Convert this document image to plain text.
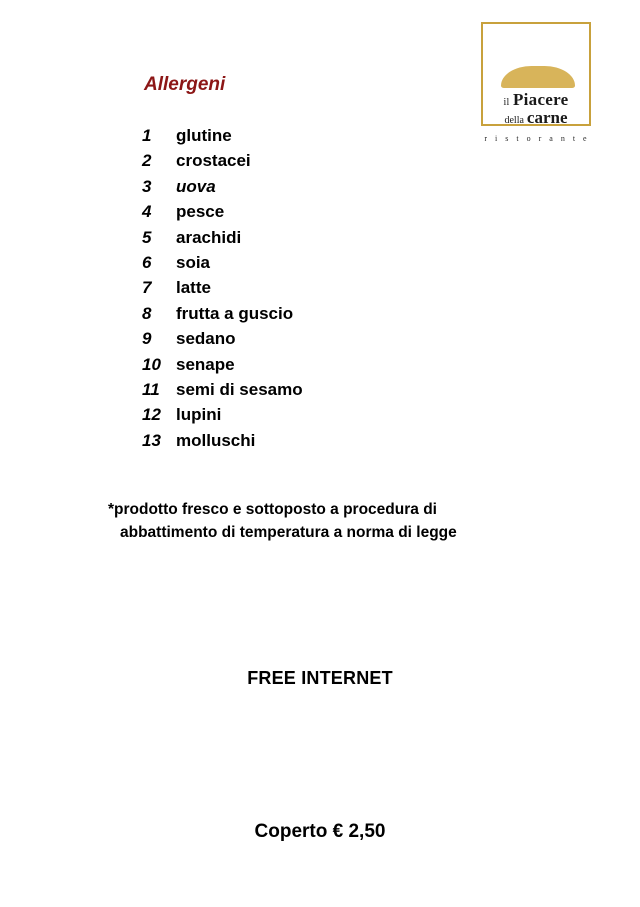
il Piacere
della carne
r i s t o r a n t e
Allergeni
1	glutine
2	crostacei
3	uova
4	pesce
5	arachidi
6	soia
7	latte
8	frutta a guscio
9	sedano
10 senape
11 semi di sesamo
12 lupini
13 molluschi
*prodotto fresco e sottoposto a procedura di
abbattimento di temperatura a norma di legge
FREE INTERNET
Coperto € 2,50
